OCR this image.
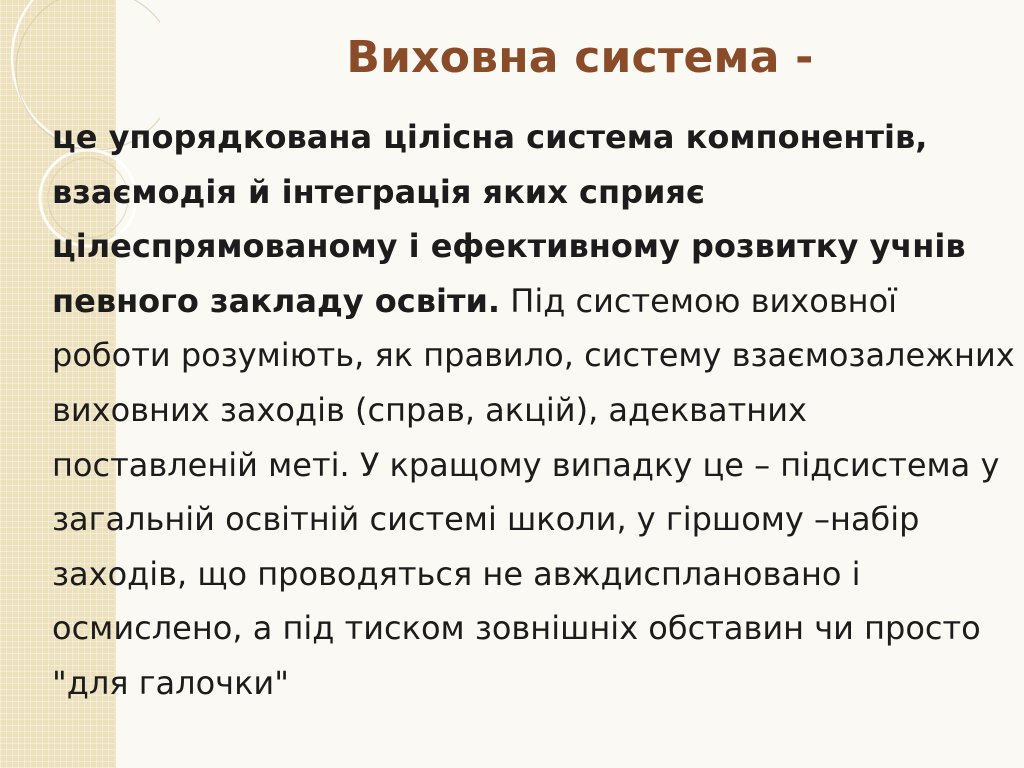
Виховна система -

це упорядкована цілісна система компонентів, взаємодія й інтеграція яких сприяє цілеспрямованому і ефективному розвитку учнів певного закладу освіти. Під системою виховної роботи розуміють, як правило, систему взаємозалежних виховних заходів (справ, акцій), адекватних поставленій меті. У кращому випадку це – підсистема у загальній освітній системі школи, у гіршому –набір заходів, що проводяться не авждиспланованo і осмислено, а під тиском зовнішніх обставин чи просто "для галочки"
